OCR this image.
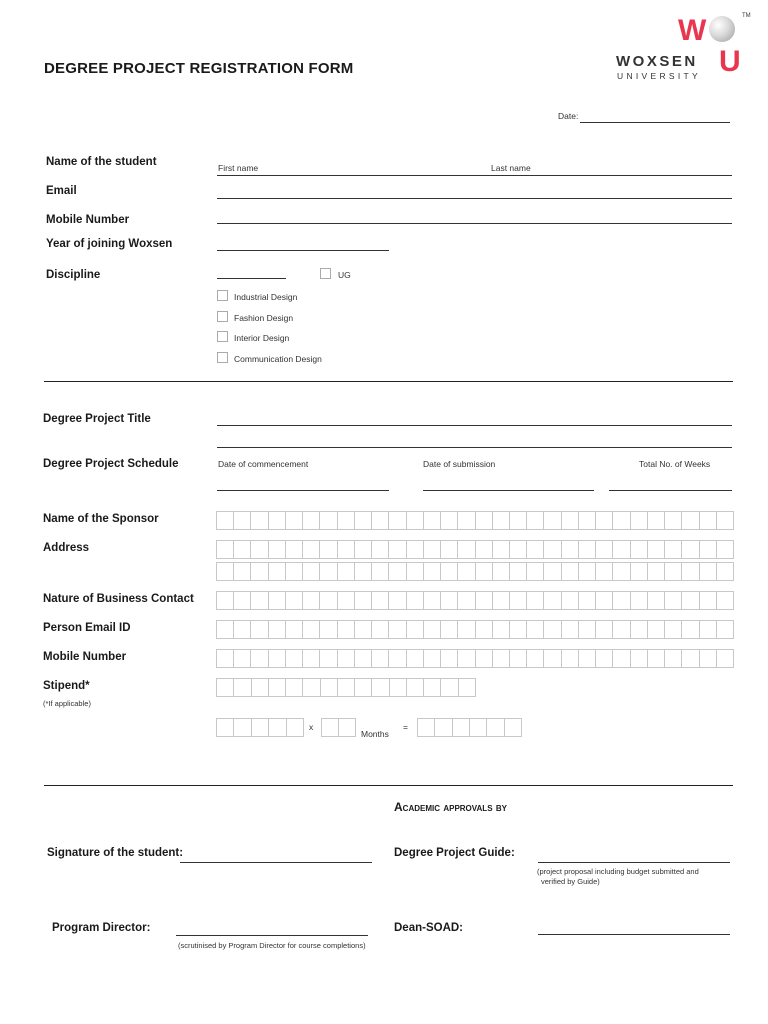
W	TM
WOXSEN
UNIVERSITY U
DEGREE PROJECT REGISTRATION FORM
Date:
Name of the student	First name	Last name
Email
Mobile Number
Year of joining Woxsen
Discipline	UG
Industrial Design
Fashion Design
Interior Design
Communication Design
Degree Project Title
Degree Project Schedule	Date of commencement	Date of submission	Total No. of Weeks
Name of the Sponsor
Address
Nature of Business Contact
Person Email ID
Mobile Number
Stipend*
(*If applicable)
x
Months
=
Academic approvals by
Signature of the student:	Degree Project Guide:
(project proposal including budget submitted and
verified by Guide)
Program Director:
(scrutinised by Program Director for course completions)
Dean-SOAD:
